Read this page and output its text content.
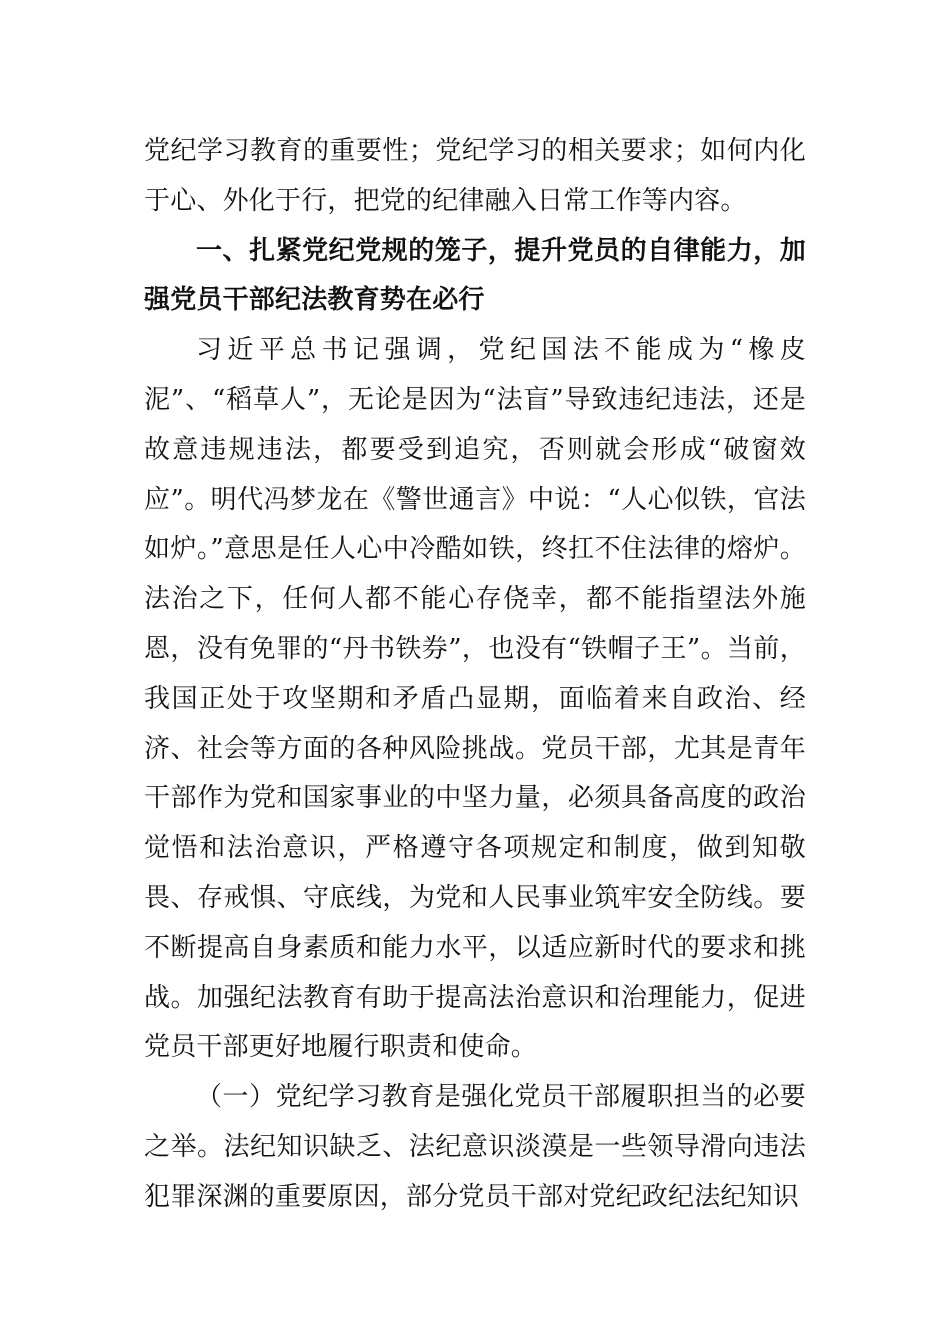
党纪学习教育的重要性；党纪学习的相关要求；如何内化于心、外化于行，把党的纪律融入日常工作等内容。

一、扎紧党纪党规的笼子，提升党员的自律能力，加强党员干部纪法教育势在必行

习近平总书记强调，党纪国法不能成为“橡皮泥”、“稻草人”，无论是因为“法盲”导致违纪违法，还是故意违规违法，都要受到追究，否则就会形成“破窗效应”。明代冯梦龙在《警世通言》中说：“人心似铁，官法如炉。”意思是任人心中冷酷如铁，终扛不住法律的熔炉。法治之下，任何人都不能心存侥幸，都不能指望法外施恩，没有免罪的“丹书铁券”，也没有“铁帽子王”。当前，我国正处于攻坚期和矛盾凸显期，面临着来自政治、经济、社会等方面的各种风险挑战。党员干部，尤其是青年干部作为党和国家事业的中坚力量，必须具备高度的政治觉悟和法治意识，严格遵守各项规定和制度，做到知敬畏、存戒惧、守底线，为党和人民事业筑牢安全防线。要不断提高自身素质和能力水平，以适应新时代的要求和挑战。加强纪法教育有助于提高法治意识和治理能力，促进党员干部更好地履行职责和使命。

（一）党纪学习教育是强化党员干部履职担当的必要之举。法纪知识缺乏、法纪意识淡漠是一些领导滑向违法犯罪深渊的重要原因，部分党员干部对党纪政纪法纪知识
